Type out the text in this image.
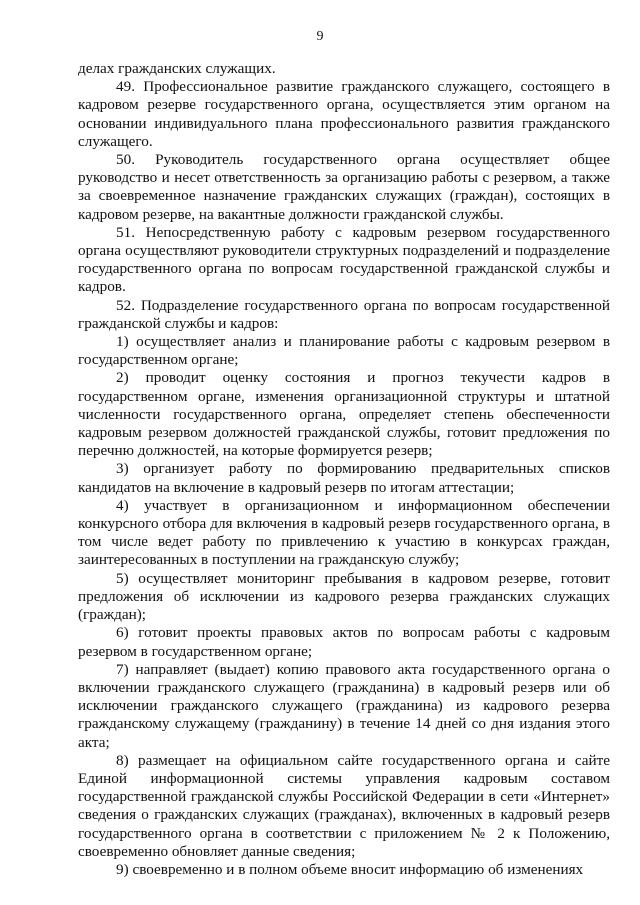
9

делах гражданских служащих.

49. Профессиональное развитие гражданского служащего, состоящего в кадровом резерве государственного органа, осуществляется этим органом на основании индивидуального плана профессионального развития гражданского служащего.

50. Руководитель государственного органа осуществляет общее руководство и несет ответственность за организацию работы с резервом, а также за своевременное назначение гражданских служащих (граждан), состоящих в кадровом резерве, на вакантные должности гражданской службы.

51. Непосредственную работу с кадровым резервом государственного органа осуществляют руководители структурных подразделений и подразделение государственного органа по вопросам государственной гражданской службы и кадров.

52. Подразделение государственного органа по вопросам государственной гражданской службы и кадров:

1) осуществляет анализ и планирование работы с кадровым резервом в государственном органе;

2) проводит оценку состояния и прогноз текучести кадров в государственном органе, изменения организационной структуры и штатной численности государственного органа, определяет степень обеспеченности кадровым резервом должностей гражданской службы, готовит предложения по перечню должностей, на которые формируется резерв;

3) организует работу по формированию предварительных списков кандидатов на включение в кадровый резерв по итогам аттестации;

4) участвует в организационном и информационном обеспечении конкурсного отбора для включения в кадровый резерв государственного органа, в том числе ведет работу по привлечению к участию в конкурсах граждан, заинтересованных в поступлении на гражданскую службу;

5) осуществляет мониторинг пребывания в кадровом резерве, готовит предложения об исключении из кадрового резерва гражданских служащих (граждан);

6) готовит проекты правовых актов по вопросам работы с кадровым резервом в государственном органе;

7) направляет (выдает) копию правового акта государственного органа о включении гражданского служащего (гражданина) в кадровый резерв или об исключении гражданского служащего (гражданина) из кадрового резерва гражданскому служащему (гражданину) в течение 14 дней со дня издания этого акта;

8) размещает на официальном сайте государственного органа и сайте Единой информационной системы управления кадровым составом государственной гражданской службы Российской Федерации в сети «Интернет» сведения о гражданских служащих (гражданах), включенных в кадровый резерв государственного органа в соответствии с приложением № 2 к Положению, своевременно обновляет данные сведения;

9) своевременно и в полном объеме вносит информацию об изменениях
